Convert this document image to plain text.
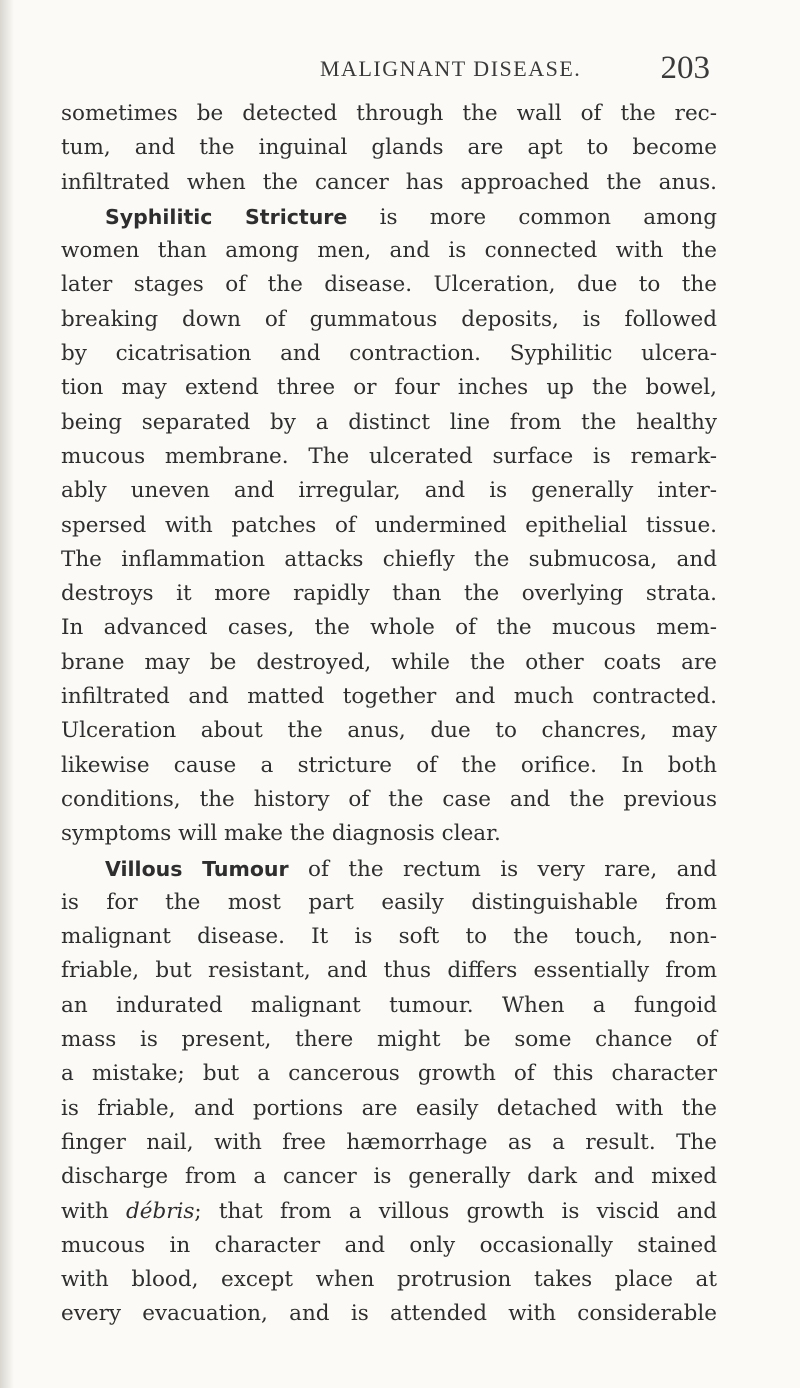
MALIGNANT DISEASE. 203
sometimes be detected through the wall of the rec-
tum, and the inguinal glands are apt to become
infiltrated when the cancer has approached the anus.
Syphilitic Stricture is more common among
women than among men, and is connected with the
later stages of the disease. Ulceration, due to the
breaking down of gummatous deposits, is followed
by cicatrisation and contraction. Syphilitic ulcera-
tion may extend three or four inches up the bowel,
being separated by a distinct line from the healthy
mucous membrane. The ulcerated surface is remark-
ably uneven and irregular, and is generally inter-
spersed with patches of undermined epithelial tissue.
The inflammation attacks chiefly the submucosa, and
destroys it more rapidly than the overlying strata.
In advanced cases, the whole of the mucous mem-
brane may be destroyed, while the other coats are
infiltrated and matted together and much contracted.
Ulceration about the anus, due to chancres, may
likewise cause a stricture of the orifice. In both
conditions, the history of the case and the previous
symptoms will make the diagnosis clear.
Villous Tumour of the rectum is very rare, and
is for the most part easily distinguishable from
malignant disease. It is soft to the touch, non-
friable, but resistant, and thus differs essentially from
an indurated malignant tumour. When a fungoid
mass is present, there might be some chance of
a mistake; but a cancerous growth of this character
is friable, and portions are easily detached with the
finger nail, with free hæmorrhage as a result. The
discharge from a cancer is generally dark and mixed
with débris; that from a villous growth is viscid and
mucous in character and only occasionally stained
with blood, except when protrusion takes place at
every evacuation, and is attended with considerable
